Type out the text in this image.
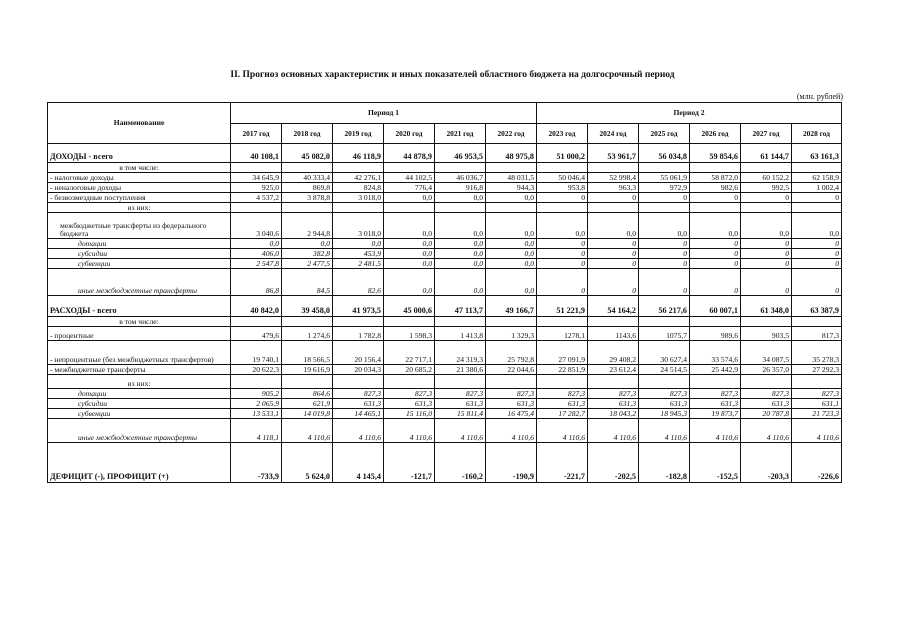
II. Прогноз основных характеристик и иных показателей областного бюджета на долгосрочный период
(млн. рублей)
Наименование	Период 1						Период 2					
	2017 год	2018 год	2019 год	2020 год	2021 год	2022 год	2023 год	2024 год	2025 год	2026 год	2027 год	2028 год
ДОХОДЫ - всего	40 108,1	45 082,0	46 118,9	44 878,9	46 953,5	48 975,8	51 000,2	53 961,7	56 034,8	59 854,6	61 144,7	63 161,3
в том числе:												
- налоговые доходы	34 645,9	40 333,4	42 276,1	44 102,5	46 036,7	48 031,5	50 046,4	52 998,4	55 061,9	58 872,0	60 152,2	62 158,9
- неналоговые доходы	925,0	869,8	824,8	776,4	916,8	944,3	953,8	963,3	972,9	982,6	992,5	1 002,4
- безвозмездные поступления	4 537,2	3 878,8	3 018,0	0,0	0,0	0,0	0	0	0	0	0	0
из них:												
межбюджетные трансферты из федерального бюджета	3 040,6	2 944,8	3 018,0	0,0	0,0	0,0	0,0	0,0	0,0	0,0	0,0	0,0
дотации	0,0	0,0	0,0	0,0	0,0	0,0	0	0	0	0	0	0
субсидии	406,0	382,8	453,9	0,0	0,0	0,0	0	0	0	0	0	0
субвенции	2 547,8	2 477,5	2 481,5	0,0	0,0	0,0	0	0	0	0	0	0
иные межбюджетные трансферты	86,8	84,5	82,6	0,0	0,0	0,0	0	0	0	0	0	0
РАСХОДЫ - всего	40 842,0	39 458,0	41 973,5	45 000,6	47 113,7	49 166,7	51 221,9	54 164,2	56 217,6	60 007,1	61 348,0	63 387,9
в том числе:												
- процентные	479,6	1 274,6	1 782,8	1 598,3	1 413,8	1 329,3	1278,1	1143,6	1075,7	989,6	903,5	817,3
- непроцентные (без межбюджетных трансфертов)	19 740,1	18 566,5	20 156,4	22 717,1	24 319,3	25 792,8	27 091,9	29 408,2	30 627,4	33 574,6	34 087,5	35 278,3
- межбюджетные трансферты	20 622,3	19 616,9	20 034,3	20 685,2	21 380,6	22 044,6	22 851,9	23 612,4	24 514,5	25 442,9	26 357,0	27 292,3
из них:												
дотации	905,2	864,6	827,3	827,3	827,3	827,3	827,3	827,3	827,3	827,3	827,3	827,3
субсидии	2 065,9	621,9	631,3	631,3	631,3	631,3	631,3	631,3	631,3	631,3	631,3	631,1
субвенции	13 533,1	14 019,8	14 465,1	15 116,0	15 811,4	16 475,4	17 282,7	18 043,2	18 945,3	19 873,7	20 787,8	21 723,3
иные межбюджетные трансферты	4 118,1	4 110,6	4 110,6	4 110,6	4 110,6	4 110,6	4 110,6	4 110,6	4 110,6	4 110,6	4 110,6	4 110,6
ДЕФИЦИТ (-), ПРОФИЦИТ (+)	-733,9	5 624,0	4 145,4	-121,7	-160,2	-190,9	-221,7	-202,5	-182,8	-152,5	-203,3	-226,6
